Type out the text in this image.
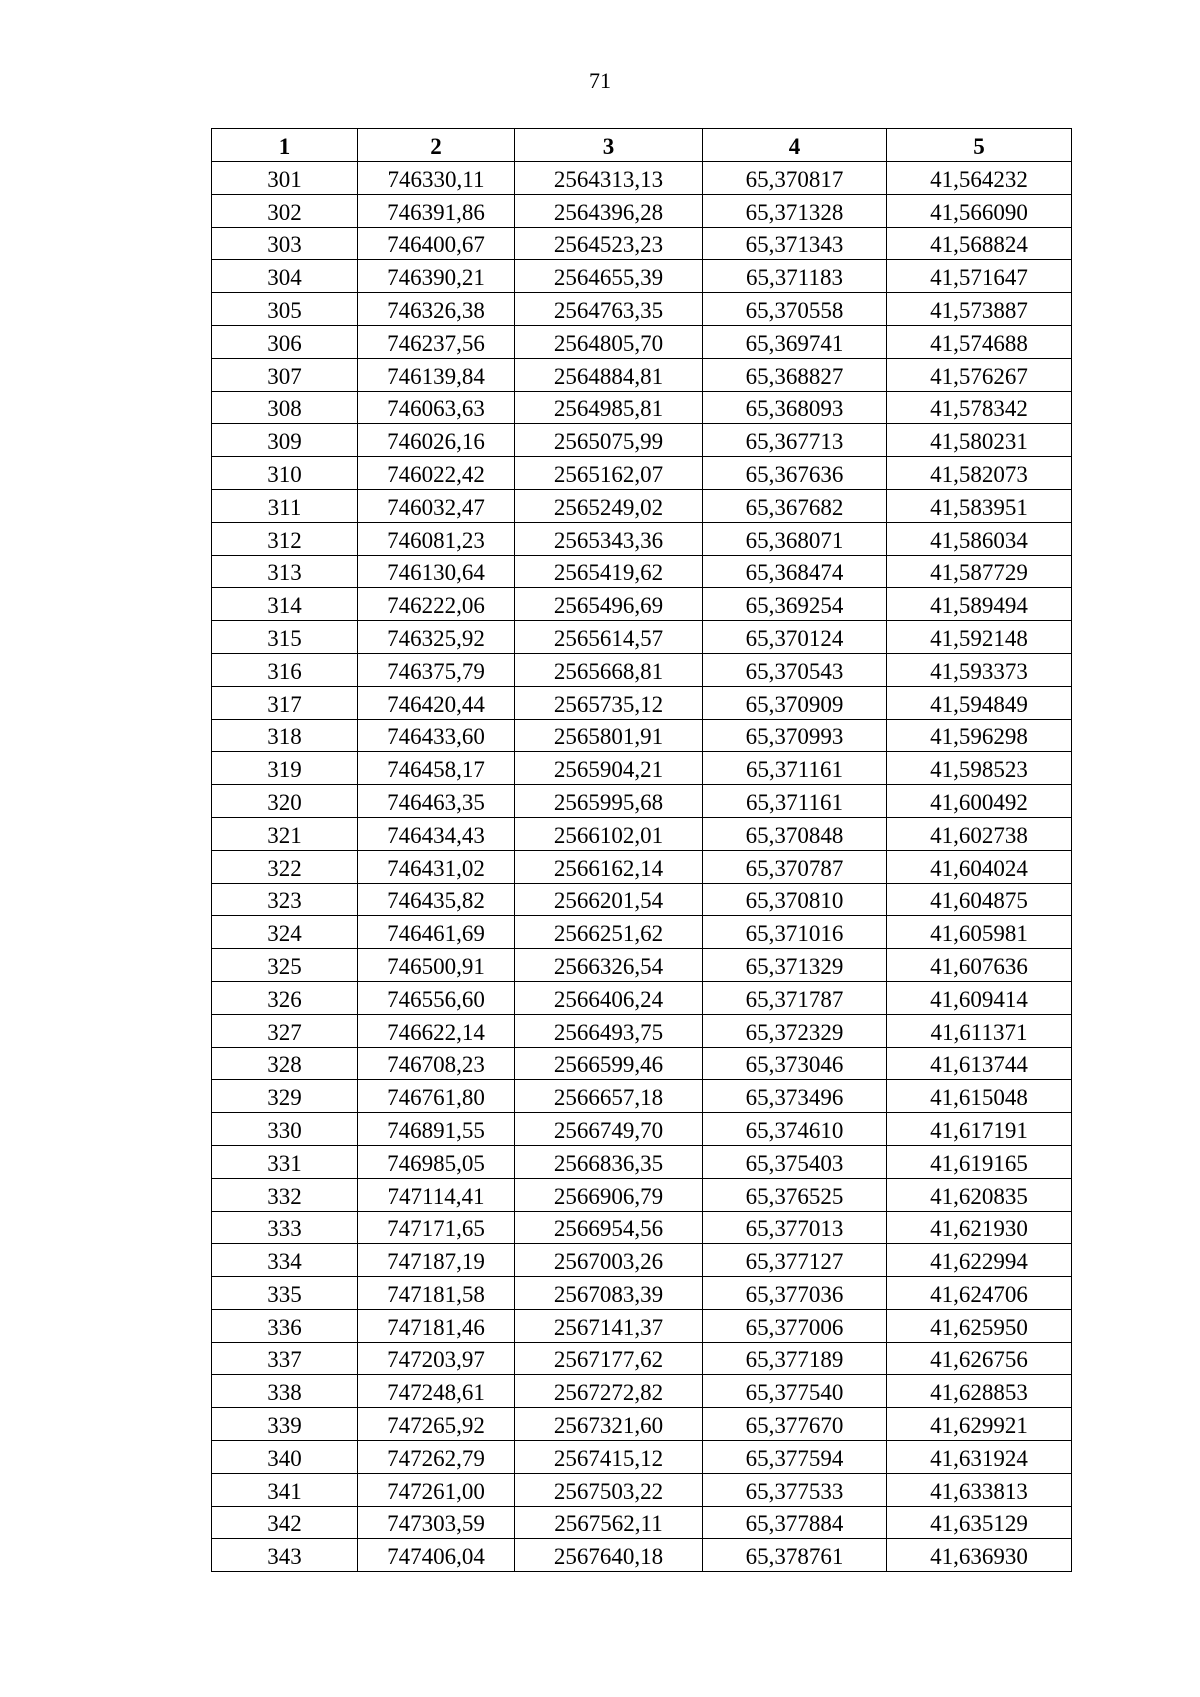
71
1	2	3	4	5
301	746330,11	2564313,13	65,370817	41,564232
302	746391,86	2564396,28	65,371328	41,566090
303	746400,67	2564523,23	65,371343	41,568824
304	746390,21	2564655,39	65,371183	41,571647
305	746326,38	2564763,35	65,370558	41,573887
306	746237,56	2564805,70	65,369741	41,574688
307	746139,84	2564884,81	65,368827	41,576267
308	746063,63	2564985,81	65,368093	41,578342
309	746026,16	2565075,99	65,367713	41,580231
310	746022,42	2565162,07	65,367636	41,582073
311	746032,47	2565249,02	65,367682	41,583951
312	746081,23	2565343,36	65,368071	41,586034
313	746130,64	2565419,62	65,368474	41,587729
314	746222,06	2565496,69	65,369254	41,589494
315	746325,92	2565614,57	65,370124	41,592148
316	746375,79	2565668,81	65,370543	41,593373
317	746420,44	2565735,12	65,370909	41,594849
318	746433,60	2565801,91	65,370993	41,596298
319	746458,17	2565904,21	65,371161	41,598523
320	746463,35	2565995,68	65,371161	41,600492
321	746434,43	2566102,01	65,370848	41,602738
322	746431,02	2566162,14	65,370787	41,604024
323	746435,82	2566201,54	65,370810	41,604875
324	746461,69	2566251,62	65,371016	41,605981
325	746500,91	2566326,54	65,371329	41,607636
326	746556,60	2566406,24	65,371787	41,609414
327	746622,14	2566493,75	65,372329	41,611371
328	746708,23	2566599,46	65,373046	41,613744
329	746761,80	2566657,18	65,373496	41,615048
330	746891,55	2566749,70	65,374610	41,617191
331	746985,05	2566836,35	65,375403	41,619165
332	747114,41	2566906,79	65,376525	41,620835
333	747171,65	2566954,56	65,377013	41,621930
334	747187,19	2567003,26	65,377127	41,622994
335	747181,58	2567083,39	65,377036	41,624706
336	747181,46	2567141,37	65,377006	41,625950
337	747203,97	2567177,62	65,377189	41,626756
338	747248,61	2567272,82	65,377540	41,628853
339	747265,92	2567321,60	65,377670	41,629921
340	747262,79	2567415,12	65,377594	41,631924
341	747261,00	2567503,22	65,377533	41,633813
342	747303,59	2567562,11	65,377884	41,635129
343	747406,04	2567640,18	65,378761	41,636930
